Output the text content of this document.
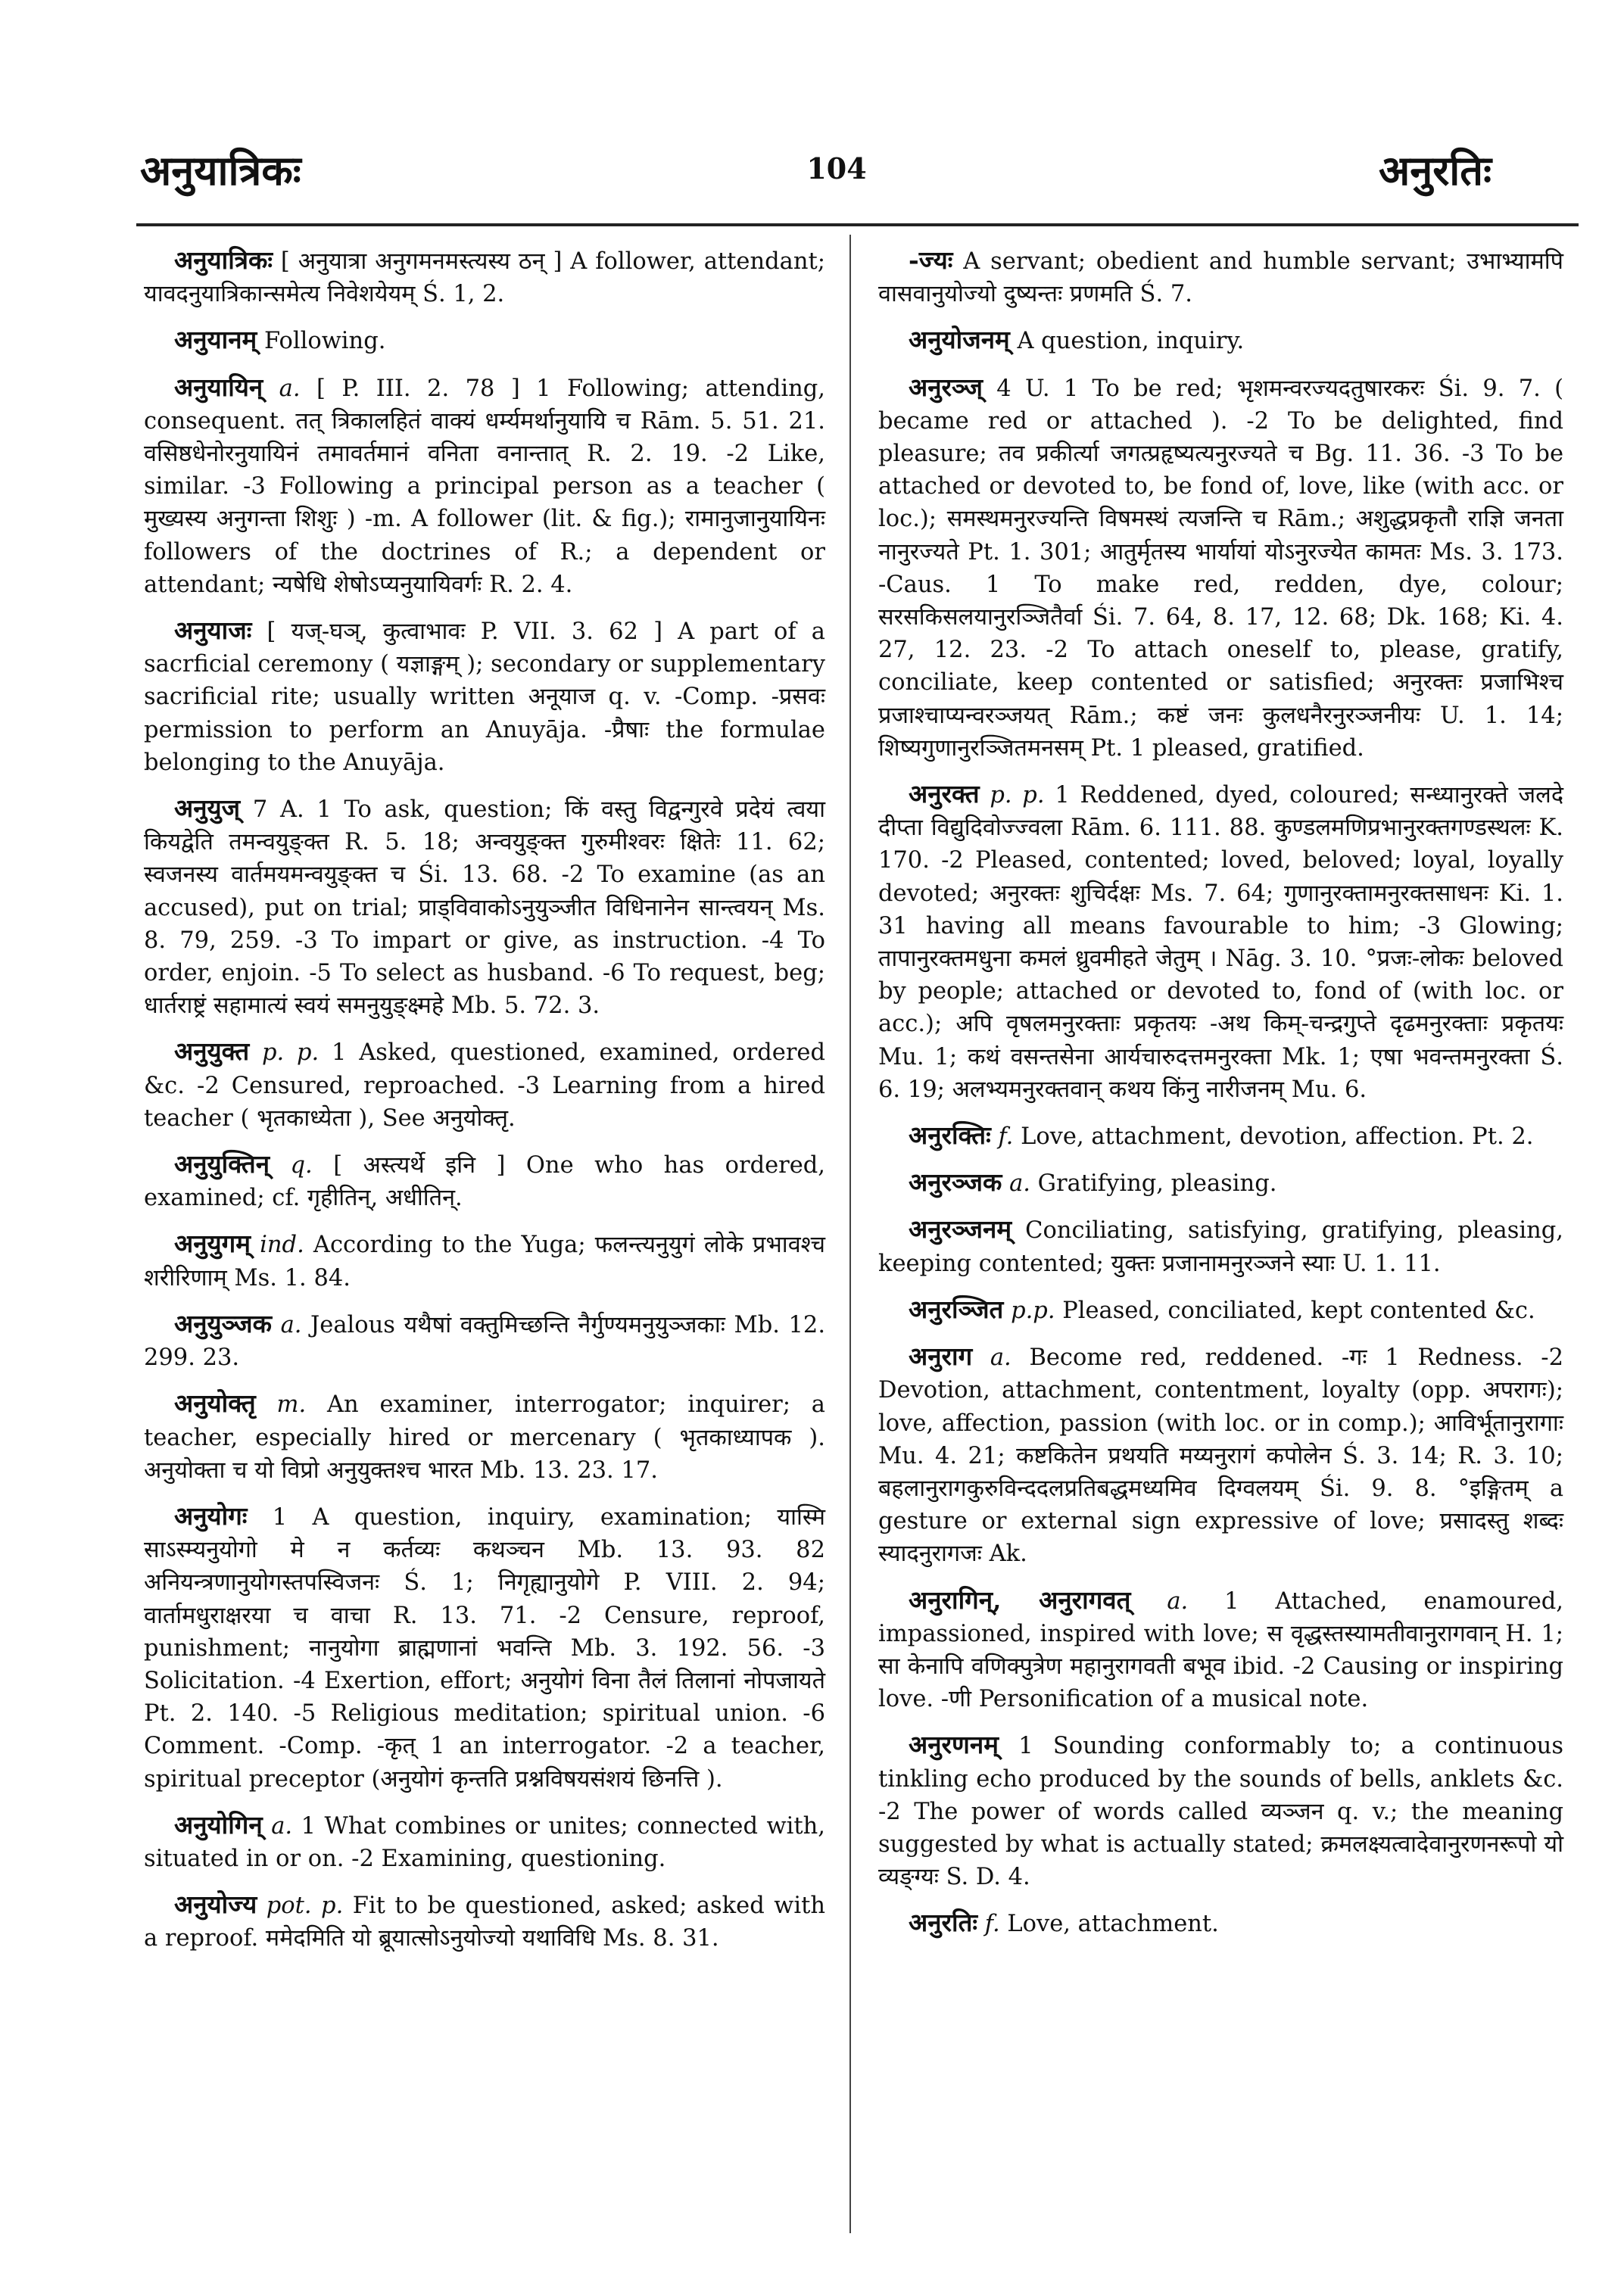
अनुयात्रिकः	104	अनुरतिः

अनुयात्रिकः [ अनुयात्रा अनुगमनमस्त्यस्य ठन् ] A follower, attendant; यावदनुयात्रिकान्समेत्य निवेशयेयम् Ś. 1, 2.

अनुयानम् Following.

अनुयायिन् a. [ P. III. 2. 78 ] 1 Following; attending, consequent. तत् त्रिकालहितं वाक्यं धर्म्यमर्थानुयायि च Rām. 5. 51. 21. वसिष्ठधेनोरनुयायिनं तमावर्तमानं वनिता वनान्तात् R. 2. 19. -2 Like, similar. -3 Following a principal person as a teacher ( मुख्यस्य अनुगन्ता शिशुः ) -m. A follower (lit. & fig.); रामानुजानुयायिनः followers of the doctrines of R.; a dependent or attendant; न्यषेधि शेषोऽप्यनुयायिवर्गः R. 2. 4.

अनुयाजः [ यज्-घञ्, कुत्वाभावः P. VII. 3. 62 ] A part of a sacrficial ceremony ( यज्ञाङ्गम् ); secondary or supplementary sacrificial rite; usually written अनूयाज q. v. -Comp. -प्रसवः permission to perform an Anuyāja. -प्रैषाः the formulae belonging to the Anuyāja.

अनुयुज् 7 A. 1 To ask, question; किं वस्तु विद्वन्गुरवे प्रदेयं त्वया कियद्वेति तमन्वयुङ्क्त R. 5. 18; अन्वयुङ्क्त गुरुमीश्वरः क्षितेः 11. 62; स्वजनस्य वार्तमयमन्वयुङ्क्त च Śi. 13. 68. -2 To examine (as an accused), put on trial; प्राड्विवाकोऽनुयुञ्जीत विधिनानेन सान्त्वयन् Ms. 8. 79, 259. -3 To impart or give, as instruction. -4 To order, enjoin. -5 To select as husband. -6 To request, beg; धार्तराष्ट्रं सहामात्यं स्वयं समनुयुङ्क्ष्महे Mb. 5. 72. 3.

अनुयुक्त p. p. 1 Asked, questioned, examined, ordered &c. -2 Censured, reproached. -3 Learning from a hired teacher ( भृतकाध्येता ), See अनुयोक्तृ.

अनुयुक्तिन् q. [ अस्त्यर्थे इनि ] One who has ordered, examined; cf. गृहीतिन्, अधीतिन्.

अनुयुगम् ind. According to the Yuga; फलन्त्यनुयुगं लोके प्रभावश्च शरीरिणाम् Ms. 1. 84.

अनुयुञ्जक a. Jealous यथैषां वक्तुमिच्छन्ति नैर्गुण्यमनुयुञ्जकाः Mb. 12. 299. 23.

अनुयोक्तृ m. An examiner, interrogator; inquirer; a teacher, especially hired or mercenary ( भृतकाध्यापक ). अनुयोक्ता च यो विप्रो अनुयुक्तश्च भारत Mb. 13. 23. 17.

अनुयोगः 1 A question, inquiry, examination; यास्मि साऽस्म्यनुयोगो मे न कर्तव्यः कथञ्चन Mb. 13. 93. 82 अनियन्त्रणानुयोगस्तपस्विजनः Ś. 1; निगृह्यानुयोगे P. VIII. 2. 94; वार्तामधुराक्षरया च वाचा R. 13. 71. -2 Censure, reproof, punishment; नानुयोगा ब्राह्मणानां भवन्ति Mb. 3. 192. 56. -3 Solicitation. -4 Exertion, effort; अनुयोगं विना तैलं तिलानां नोपजायते Pt. 2. 140. -5 Religious meditation; spiritual union. -6 Comment. -Comp. -कृत् 1 an interrogator. -2 a teacher, spiritual preceptor (अनुयोगं कृन्तति प्रश्नविषयसंशयं छिनत्ति ).

अनुयोगिन् a. 1 What combines or unites; connected with, situated in or on. -2 Examining, questioning.

अनुयोज्य pot. p. Fit to be questioned, asked; asked with a reproof. ममेदमिति यो ब्रूयात्सोऽनुयोज्यो यथाविधि Ms. 8. 31.

-ज्यः A servant; obedient and humble servant; उभाभ्यामपि वासवानुयोज्यो दुष्यन्तः प्रणमति Ś. 7.

अनुयोजनम् A question, inquiry.

अनुरञ्ज् 4 U. 1 To be red; भृशमन्वरज्यदतुषारकरः Śi. 9. 7. ( became red or attached ). -2 To be delighted, find pleasure; तव प्रकीर्त्या जगत्प्रहृष्यत्यनुरज्यते च Bg. 11. 36. -3 To be attached or devoted to, be fond of, love, like (with acc. or loc.); समस्थमनुरज्यन्ति विषमस्थं त्यजन्ति च Rām.; अशुद्धप्रकृतौ राज्ञि जनता नानुरज्यते Pt. 1. 301; आतुर्मृतस्य भार्यायां योऽनुरज्येत कामतः Ms. 3. 173. -Caus. 1 To make red, redden, dye, colour; सरसकिसलयानुरञ्जितैर्वा Śi. 7. 64, 8. 17, 12. 68; Dk. 168; Ki. 4. 27, 12. 23. -2 To attach oneself to, please, gratify, conciliate, keep contented or satisfied; अनुरक्तः प्रजाभिश्च प्रजाश्चाप्यन्वरञ्जयत् Rām.; कष्टं जनः कुलधनैरनुरञ्जनीयः U. 1. 14; शिष्यगुणानुरञ्जितमनसम् Pt. 1 pleased, gratified.

अनुरक्त p. p. 1 Reddened, dyed, coloured; सन्ध्यानुरक्ते जलदे दीप्ता विद्युदिवोज्ज्वला Rām. 6. 111. 88. कुण्डलमणिप्रभानुरक्तगण्डस्थलः K. 170. -2 Pleased, contented; loved, beloved; loyal, loyally devoted; अनुरक्तः शुचिर्दक्षः Ms. 7. 64; गुणानुरक्तामनुरक्तसाधनः Ki. 1. 31 having all means favourable to him; -3 Glowing; तापानुरक्तमधुना कमलं ध्रुवमीहते जेतुम् । Nāg. 3. 10. °प्रजः-लोकः beloved by people; attached or devoted to, fond of (with loc. or acc.); अपि वृषलमनुरक्ताः प्रकृतयः -अथ किम्-चन्द्रगुप्ते दृढमनुरक्ताः प्रकृतयः Mu. 1; कथं वसन्तसेना आर्यचारुदत्तमनुरक्ता Mk. 1; एषा भवन्तमनुरक्ता Ś. 6. 19; अलभ्यमनुरक्तवान् कथय किंनु नारीजनम् Mu. 6.

अनुरक्तिः f. Love, attachment, devotion, affection. Pt. 2.

अनुरञ्जक a. Gratifying, pleasing.

अनुरञ्जनम् Conciliating, satisfying, gratifying, pleasing, keeping contented; युक्तः प्रजानामनुरञ्जने स्याः U. 1. 11.

अनुरञ्जित p.p. Pleased, conciliated, kept contented &c.

अनुराग a. Become red, reddened. -गः 1 Redness. -2 Devotion, attachment, contentment, loyalty (opp. अपरागः); love, affection, passion (with loc. or in comp.); आविर्भूतानुरागाः Mu. 4. 21; कष्टकितेन प्रथयति मय्यनुरागं कपोलेन Ś. 3. 14; R. 3. 10; बहलानुरागकुरुविन्ददलप्रतिबद्धमध्यमिव दिग्वलयम् Śi. 9. 8. °इङ्गितम् a gesture or external sign expressive of love; प्रसादस्तु शब्दः स्यादनुरागजः Ak.

अनुरागिन्, अनुरागवत् a. 1 Attached, enamoured, impassioned, inspired with love; स वृद्धस्तस्यामतीवानुरागवान् H. 1; सा केनापि वणिक्पुत्रेण महानुरागवती बभूव ibid. -2 Causing or inspiring love. -णी Personification of a musical note.

अनुरणनम् 1 Sounding conformably to; a continuous tinkling echo produced by the sounds of bells, anklets &c. -2 The power of words called व्यञ्जन q. v.; the meaning suggested by what is actually stated; क्रमलक्ष्यत्वादेवानुरणनरूपो यो व्यङ्ग्यः S. D. 4.

अनुरतिः f. Love, attachment.
